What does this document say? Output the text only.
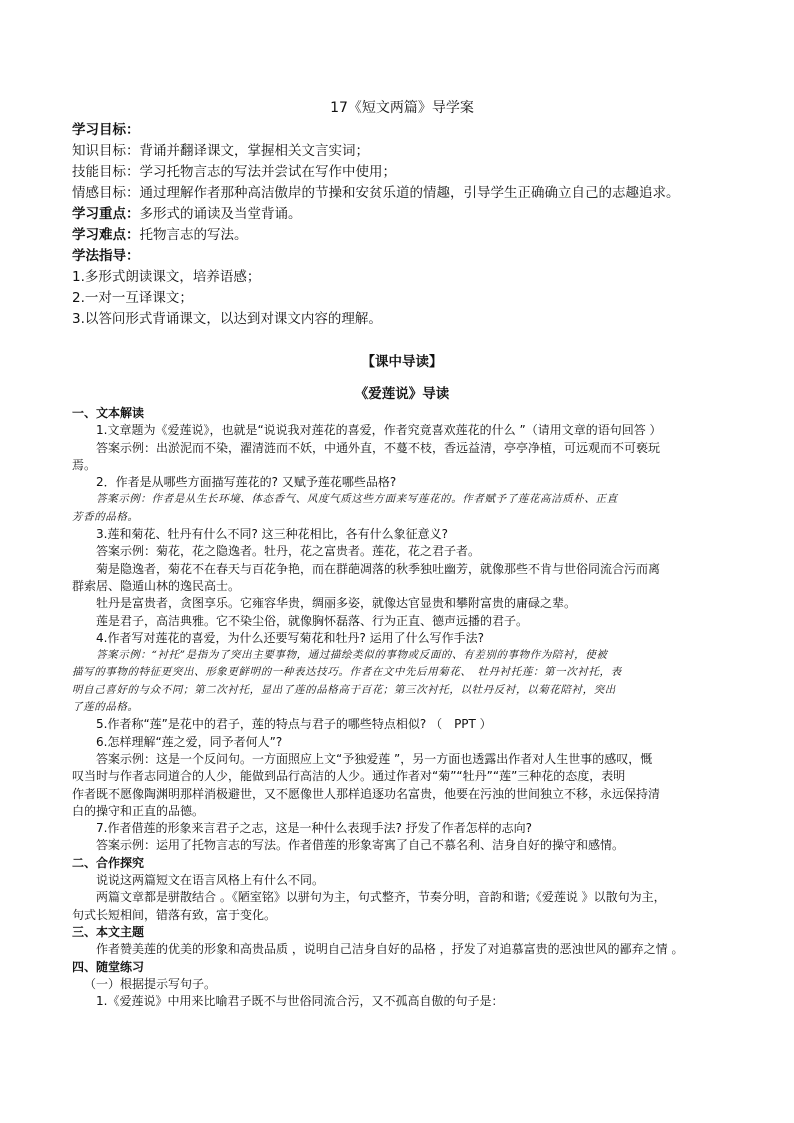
17《短文两篇》导学案
学习目标：
知识目标：背诵并翻译课文，掌握相关文言实词；
技能目标：学习托物言志的写法并尝试在写作中使用；
情感目标：通过理解作者那种高洁傲岸的节操和安贫乐道的情趣，引导学生正确确立自己的志趣追求。
学习重点：多形式的诵读及当堂背诵。
学习难点：托物言志的写法。
学法指导：
1.多形式朗读课文，培养语感；
2.一对一互译课文；
3.以答问形式背诵课文，以达到对课文内容的理解。
【课中导读】
《爱莲说》导读

一、文本解读

1.文章题为《爱莲说》，也就是“说说我对莲花的喜爱，作者究竟喜欢莲花的什么 ”（请用文章的语句回答 ）

答案示例：出淤泥而不染，濯清涟而不妖，中通外直，不蔓不枝，香远益清，亭亭净植，可远观而不可亵玩

焉。

2．作者是从哪些方面描写莲花的? 又赋予莲花哪些品格?

答案示例：作者是从生长环境、体态香气、风度气质这些方面来写莲花的。作者赋予了莲花高洁质朴、正直

芳香的品格。

3.莲和菊花、牡丹有什么不同? 这三种花相比，各有什么象征意义?

答案示例：菊花，花之隐逸者。牡丹，花之富贵者。莲花，花之君子者。

菊是隐逸者，菊花不在春天与百花争艳，而在群葩凋落的秋季独吐幽芳，就像那些不肯与世俗同流合污而离

群索居、隐遁山林的逸民高士。

牡丹是富贵者，贪图享乐。它雍容华贵，绸丽多姿，就像达官显贵和攀附富贵的庸碌之辈。

莲是君子，高洁典雅。它不染尘俗，就像胸怀磊落、行为正直、德声远播的君子。

4.作者写对莲花的喜爱，为什么还要写菊花和牡丹? 运用了什么写作手法?

答案示例：“衬托”是指为了突出主要事物，通过描绘类似的事物或反面的、有差别的事物作为陪衬，使被

描写的事物的特征更突出、形象更鲜明的一种表达技巧。作者在文中先后用菊花、　牡丹衬托莲：第一次衬托，表

明自己喜好的与众不同；第二次衬托，显出了莲的品格高于百花；第三次衬托，以牡丹反衬，以菊花陪衬，突出

了莲的品格。

5.作者称“莲”是花中的君子，莲的特点与君子的哪些特点相似? （　PPT ）

6.怎样理解“莲之爱，同予者何人”?

答案示例：这是一个反问句。一方面照应上文“予独爱莲 ”，另一方面也透露出作者对人生世事的感叹，慨

叹当时与作者志同道合的人少，能做到品行高洁的人少。通过作者对“菊”“牡丹”“莲”三种花的态度，表明

作者既不愿像陶渊明那样消极避世，又不愿像世人那样追逐功名富贵，他要在污浊的世间独立不移，永远保持清

白的操守和正直的品德。

7.作者借莲的形象来言君子之志，这是一种什么表现手法? 抒发了作者怎样的志向?

答案示例：运用了托物言志的写法。作者借莲的形象寄寓了自己不慕名利、洁身自好的操守和感情。

二、合作探究

说说这两篇短文在语言风格上有什么不同。

两篇文章都是骈散结合 。《陋室铭》以骈句为主，句式整齐，节奏分明，音韵和谐;《爱莲说 》以散句为主，

句式长短相间，错落有致，富于变化。

三、本文主题

作者赞美莲的优美的形象和高贵品质 ，说明自己洁身自好的品格 ，抒发了对追慕富贵的恶浊世风的鄙弃之情 。

四、随堂练习

（一）根据提示写句子。

1.《爱莲说》中用来比喻君子既不与世俗同流合污，又不孤高自傲的句子是：
